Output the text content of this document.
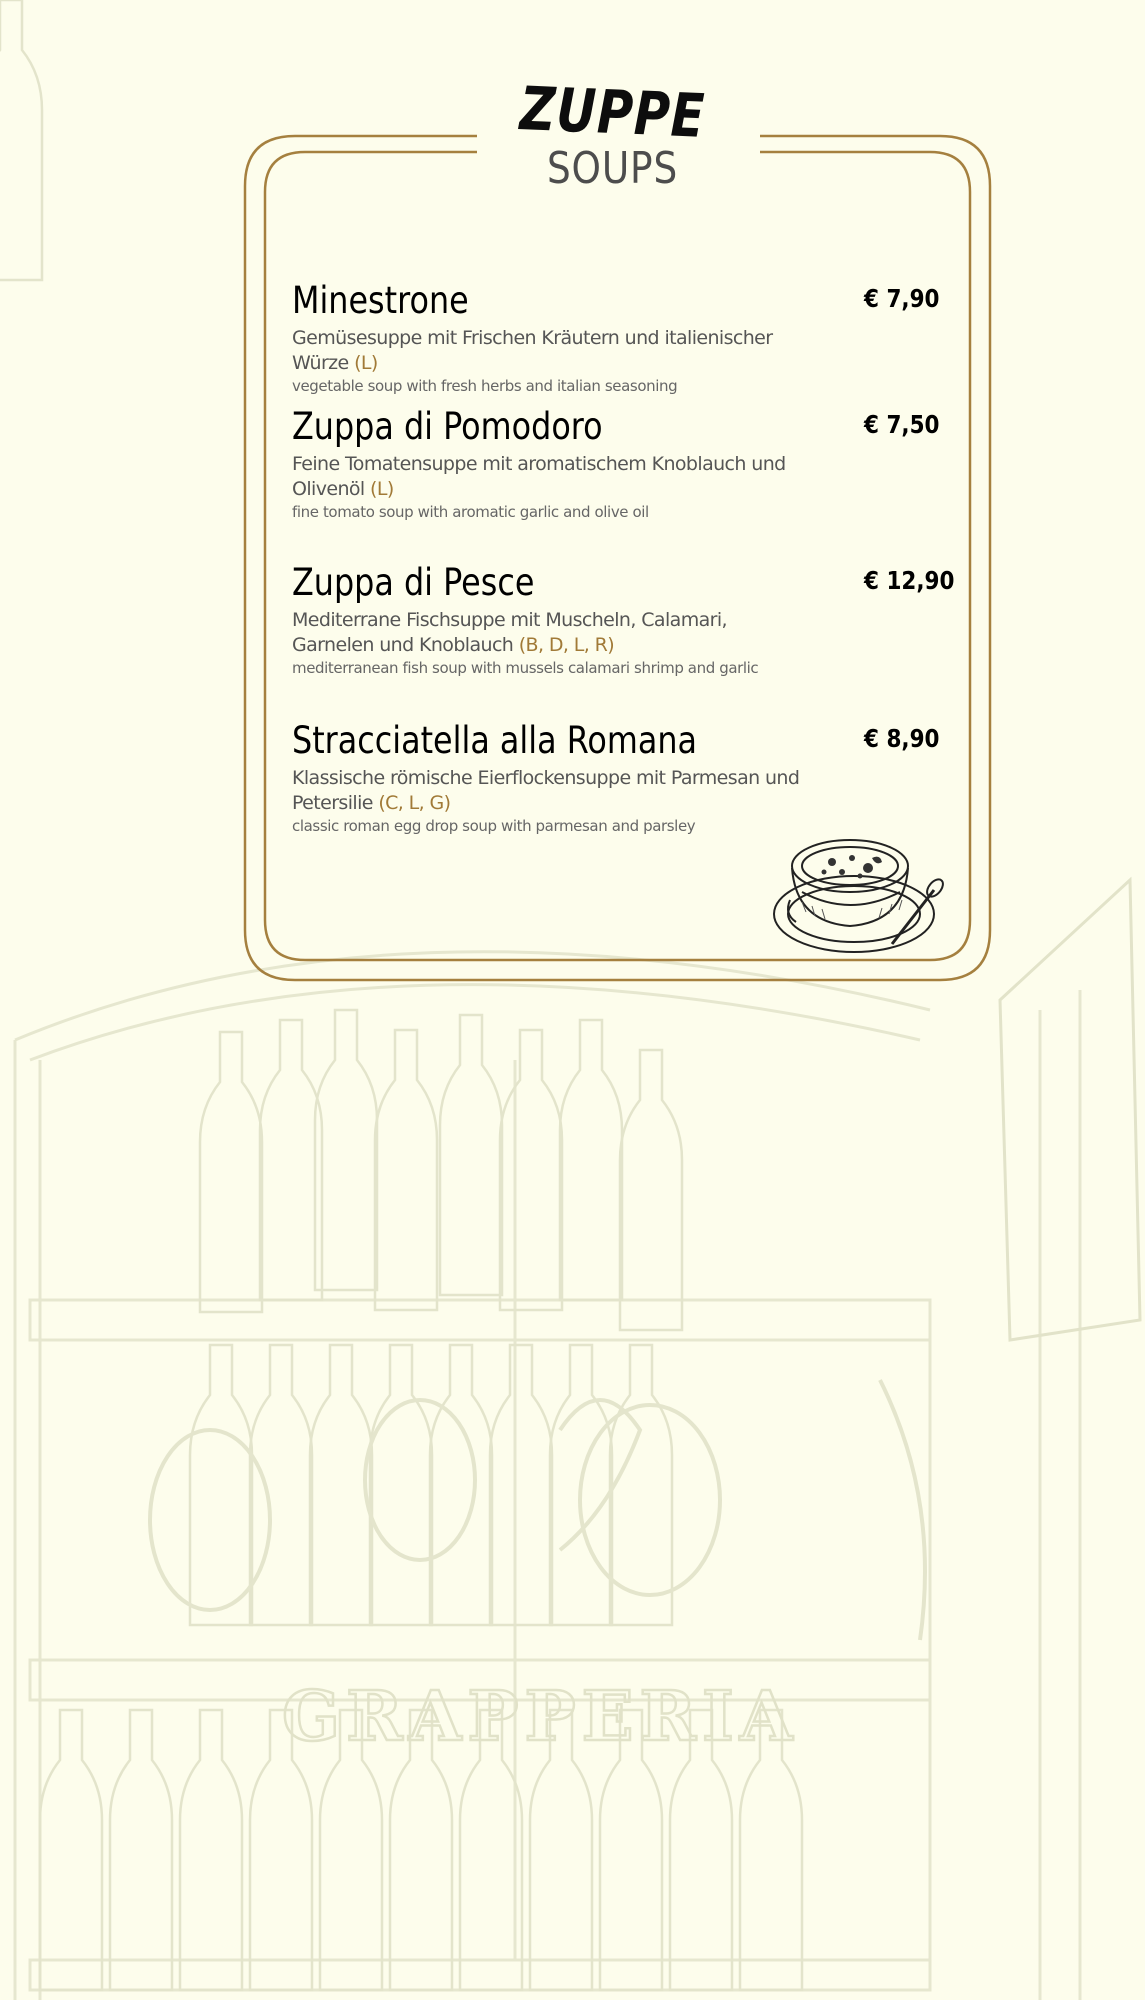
GRAPPERIA
ZUPPE
SOUPS
Minestrone	€ 7,90
Gemüsesuppe mit Frischen Kräutern und italienischer Würze (L)
vegetable soup with fresh herbs and italian seasoning
Zuppa di Pomodoro	€ 7,50
Feine Tomatensuppe mit aromatischem Knoblauch und Olivenöl (L)
fine tomato soup with aromatic garlic and olive oil
Zuppa di Pesce	€ 12,90
Mediterrane Fischsuppe mit Muscheln, Calamari, Garnelen und Knoblauch (B, D, L, R)
mediterranean fish soup with mussels calamari shrimp and garlic
Stracciatella alla Romana	€ 8,90
Klassische römische Eierflockensuppe mit Parmesan und Petersilie (C, L, G)
classic roman egg drop soup with parmesan and parsley
